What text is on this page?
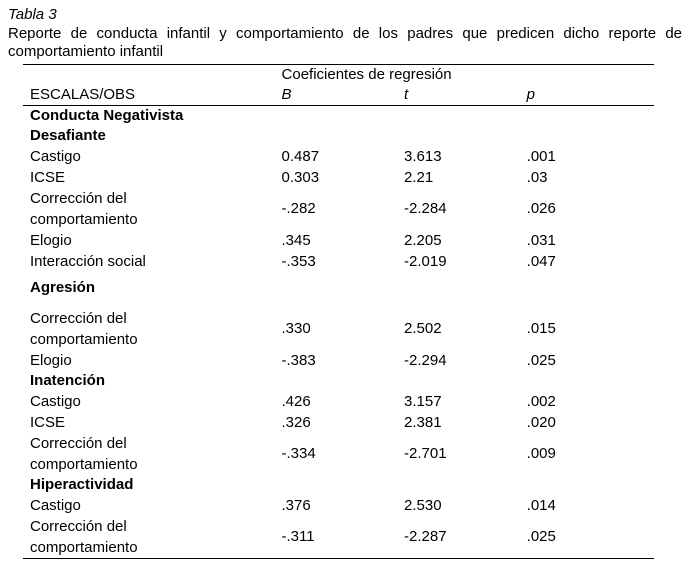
Tabla 3
Reporte de conducta infantil y comportamiento de los padres que predicen dicho reporte de comportamiento infantil

	Coeficientes de regresión		
ESCALAS/OBS	B	t	p
Conducta Negativista			
Desafiante			
Castigo	0.487	3.613	.001
ICSE	0.303	2.21	.03

Corrección del
comportamiento	-.282	-2.284	.026
Elogio	.345	2.205	.031
Interacción social	-.353	-2.019	.047
Agresión			

Corrección del
comportamiento	.330	2.502	.015
Elogio	-.383	-2.294	.025
Inatención			
Castigo	.426	3.157	.002
ICSE	.326	2.381	.020

Corrección del
comportamiento	-.334	-2.701	.009
Hiperactividad			
Castigo	.376	2.530	.014

Corrección del
comportamiento	-.311	-2.287	.025
